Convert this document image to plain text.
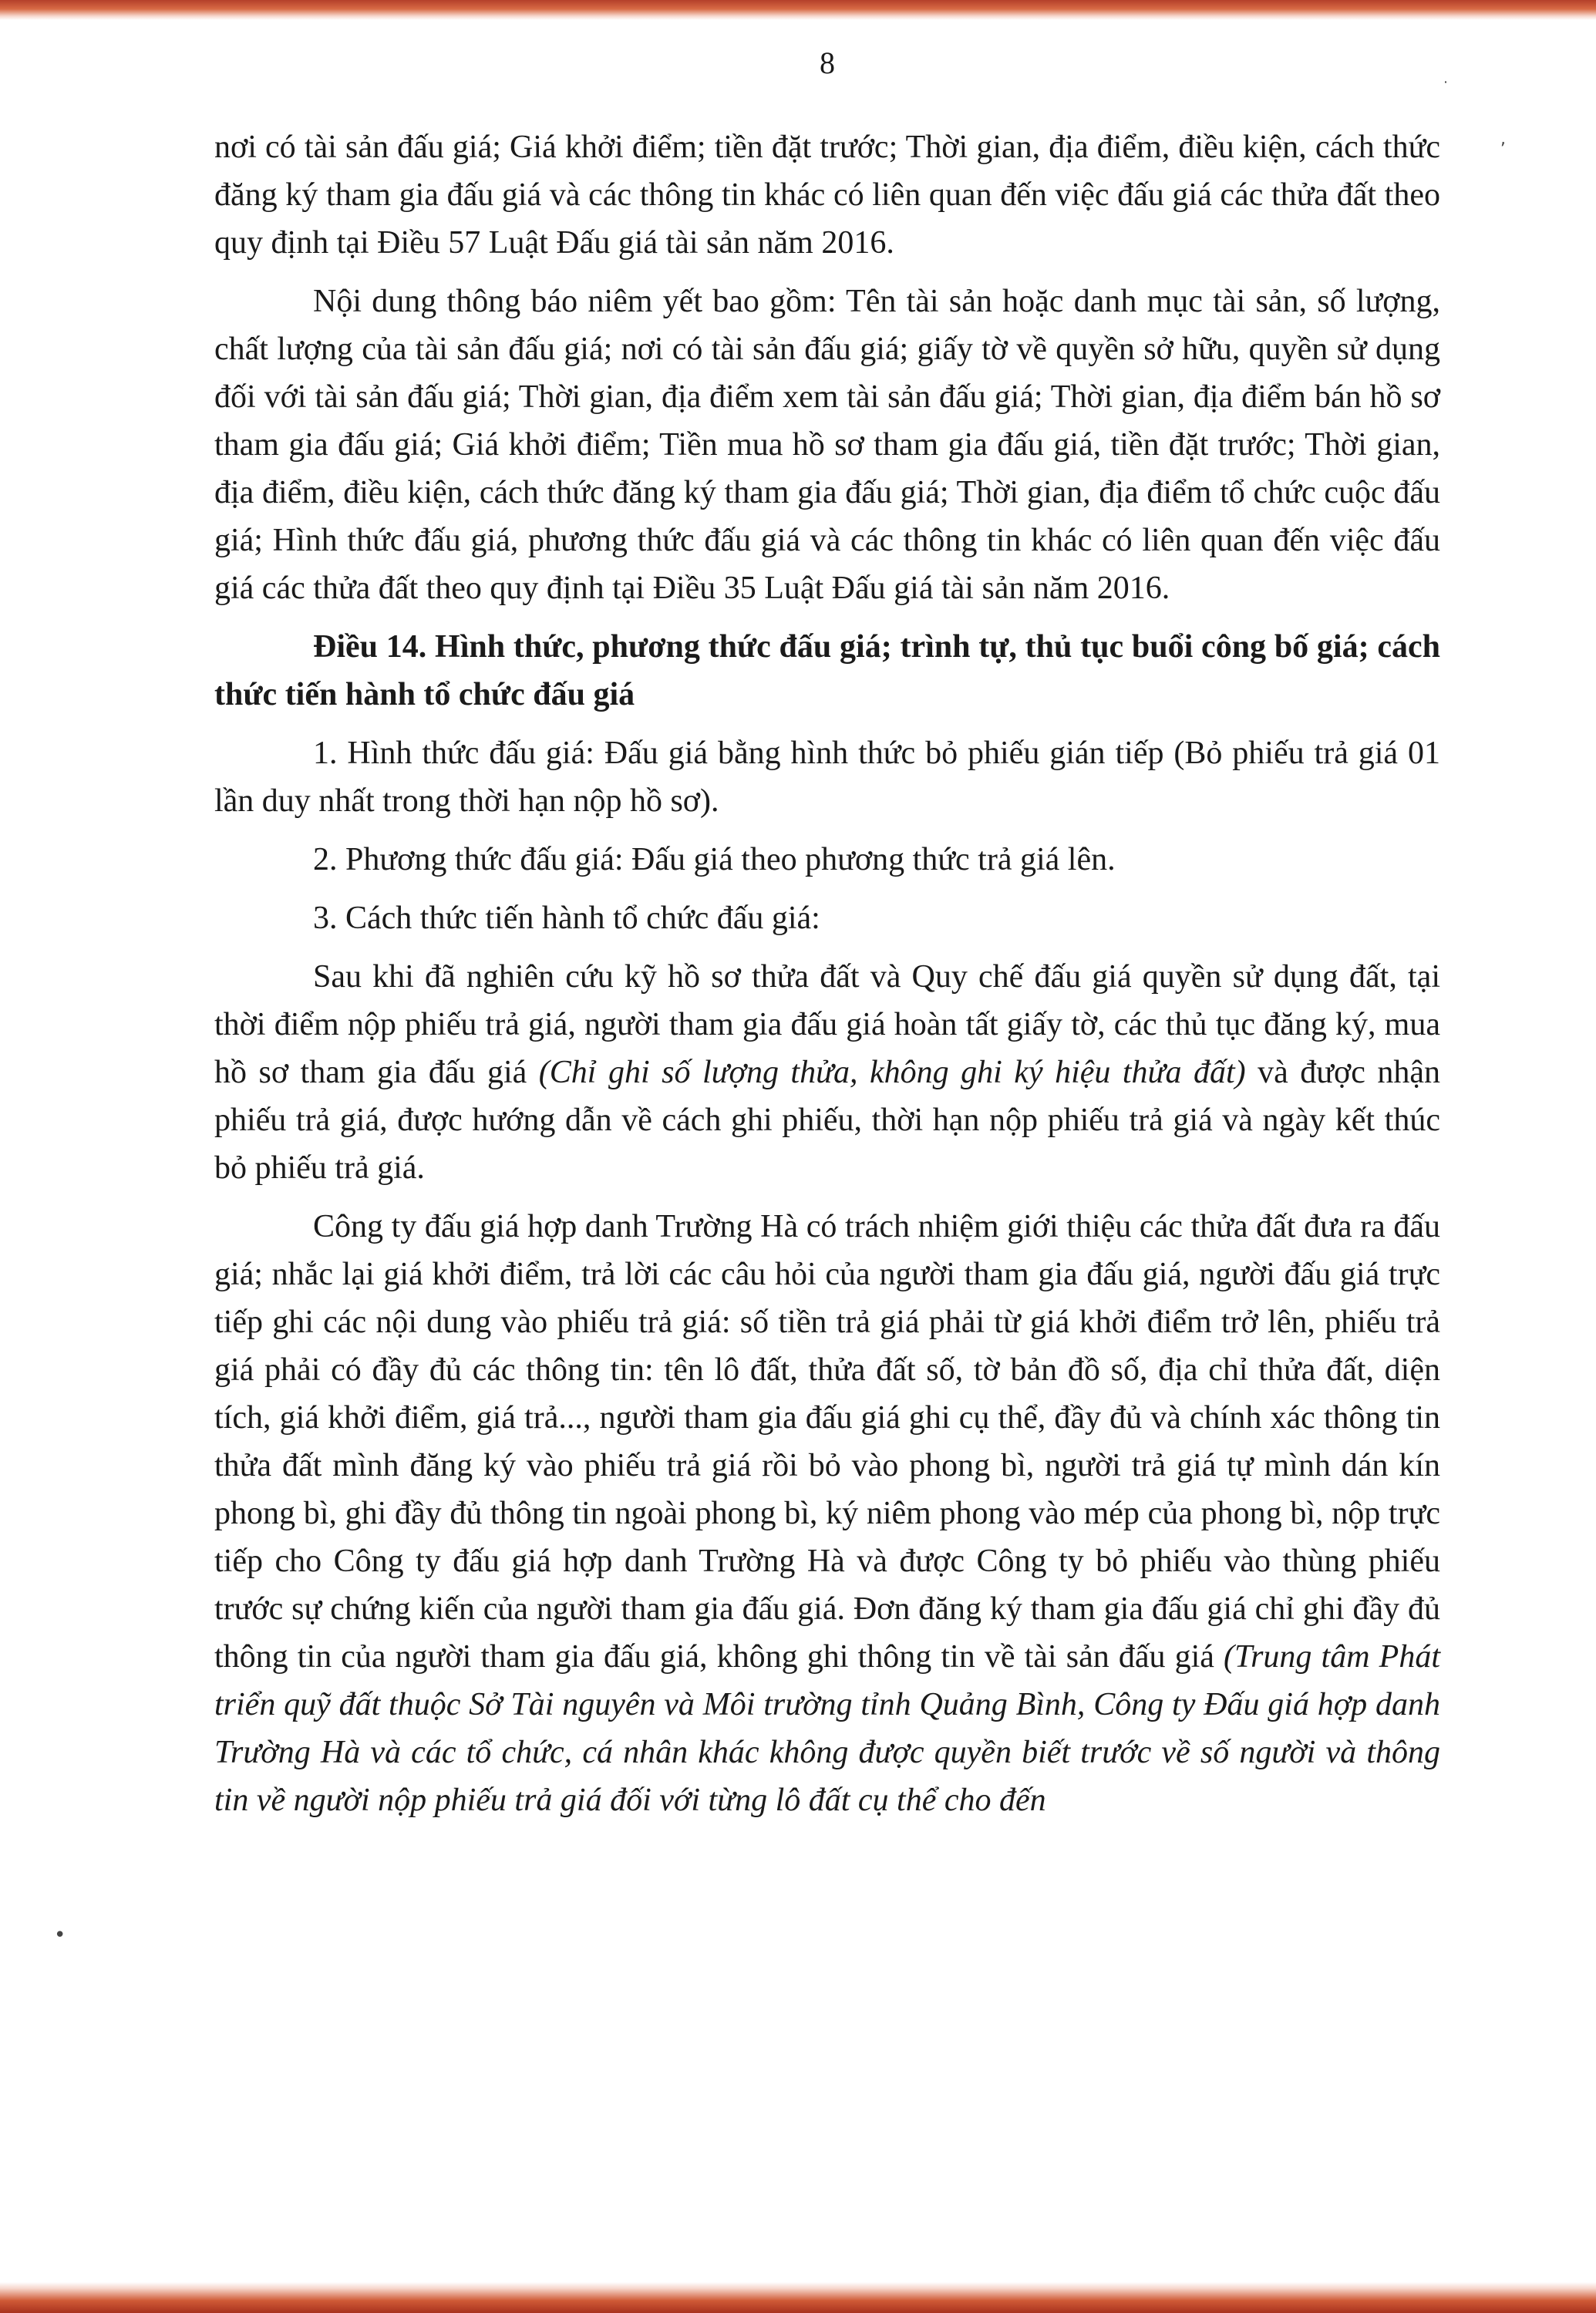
˙
,
•
8

nơi có tài sản đấu giá; Giá khởi điểm; tiền đặt trước; Thời gian, địa điểm, điều kiện, cách thức đăng ký tham gia đấu giá và các thông tin khác có liên quan đến việc đấu giá các thửa đất theo quy định tại Điều 57 Luật Đấu giá tài sản năm 2016.

Nội dung thông báo niêm yết bao gồm: Tên tài sản hoặc danh mục tài sản, số lượng, chất lượng của tài sản đấu giá; nơi có tài sản đấu giá; giấy tờ về quyền sở hữu, quyền sử dụng đối với tài sản đấu giá; Thời gian, địa điểm xem tài sản đấu giá; Thời gian, địa điểm bán hồ sơ tham gia đấu giá; Giá khởi điểm; Tiền mua hồ sơ tham gia đấu giá, tiền đặt trước; Thời gian, địa điểm, điều kiện, cách thức đăng ký tham gia đấu giá; Thời gian, địa điểm tổ chức cuộc đấu giá; Hình thức đấu giá, phương thức đấu giá và các thông tin khác có liên quan đến việc đấu giá các thửa đất theo quy định tại Điều 35 Luật Đấu giá tài sản năm 2016.

Điều 14. Hình thức, phương thức đấu giá; trình tự, thủ tục buổi công bố giá; cách thức tiến hành tổ chức đấu giá

1. Hình thức đấu giá: Đấu giá bằng hình thức bỏ phiếu gián tiếp (Bỏ phiếu trả giá 01 lần duy nhất trong thời hạn nộp hồ sơ).

2. Phương thức đấu giá: Đấu giá theo phương thức trả giá lên.

3. Cách thức tiến hành tổ chức đấu giá:

Sau khi đã nghiên cứu kỹ hồ sơ thửa đất và Quy chế đấu giá quyền sử dụng đất, tại thời điểm nộp phiếu trả giá, người tham gia đấu giá hoàn tất giấy tờ, các thủ tục đăng ký, mua hồ sơ tham gia đấu giá (Chỉ ghi số lượng thửa, không ghi ký hiệu thửa đất) và được nhận phiếu trả giá, được hướng dẫn về cách ghi phiếu, thời hạn nộp phiếu trả giá và ngày kết thúc bỏ phiếu trả giá.

Công ty đấu giá hợp danh Trường Hà có trách nhiệm giới thiệu các thửa đất đưa ra đấu giá; nhắc lại giá khởi điểm, trả lời các câu hỏi của người tham gia đấu giá, người đấu giá trực tiếp ghi các nội dung vào phiếu trả giá: số tiền trả giá phải từ giá khởi điểm trở lên, phiếu trả giá phải có đầy đủ các thông tin: tên lô đất, thửa đất số, tờ bản đồ số, địa chỉ thửa đất, diện tích, giá khởi điểm, giá trả..., người tham gia đấu giá ghi cụ thể, đầy đủ và chính xác thông tin thửa đất mình đăng ký vào phiếu trả giá rồi bỏ vào phong bì, người trả giá tự mình dán kín phong bì, ghi đầy đủ thông tin ngoài phong bì, ký niêm phong vào mép của phong bì, nộp trực tiếp cho Công ty đấu giá hợp danh Trường Hà và được Công ty bỏ phiếu vào thùng phiếu trước sự chứng kiến của người tham gia đấu giá. Đơn đăng ký tham gia đấu giá chỉ ghi đầy đủ thông tin của người tham gia đấu giá, không ghi thông tin về tài sản đấu giá (Trung tâm Phát triển quỹ đất thuộc Sở Tài nguyên và Môi trường tỉnh Quảng Bình, Công ty Đấu giá hợp danh Trường Hà và các tổ chức, cá nhân khác không được quyền biết trước về số người và thông tin về người nộp phiếu trả giá đối với từng lô đất cụ thể cho đến
